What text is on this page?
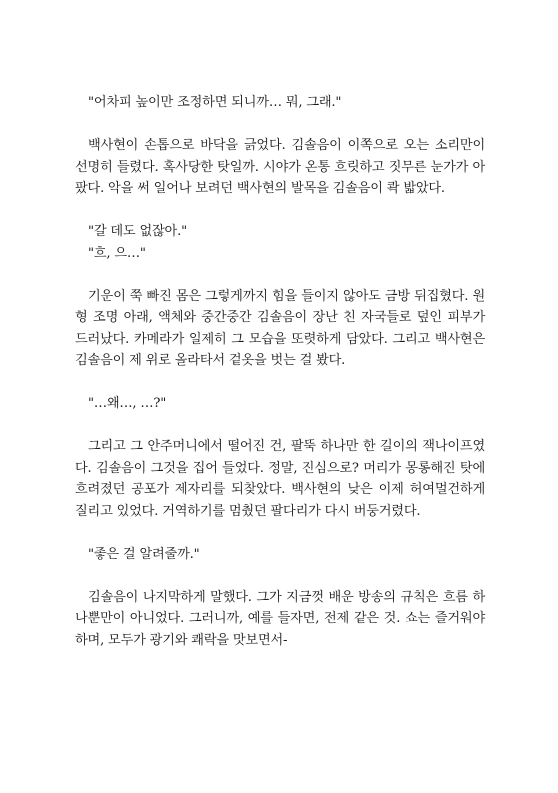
"어차피 높이만 조정하면 되니까… 뭐, 그래."

백사현이 손톱으로 바닥을 긁었다. 김솔음이 이쪽으로 오는 소리만이 선명히 들렸다. 혹사당한 탓일까. 시야가 온통 흐릿하고 짓무른 눈가가 아팠다. 악을 써 일어나 보려던 백사현의 발목을 김솔음이 콱 밟았다.

"갈 데도 없잖아."

"흐, 으…"

기운이 쭉 빠진 몸은 그렇게까지 힘을 들이지 않아도 금방 뒤집혔다. 원형 조명 아래, 액체와 중간중간 김솔음이 장난 친 자국들로 덮인 피부가 드러났다. 카메라가 일제히 그 모습을 또렷하게 담았다. 그리고 백사현은 김솔음이 제 위로 올라타서 겉옷을 벗는 걸 봤다.

"…왜…, …?"

그리고 그 안주머니에서 떨어진 건, 팔뚝 하나만 한 길이의 잭나이프였다. 김솔음이 그것을 집어 들었다. 정말, 진심으로? 머리가 몽롱해진 탓에 흐려졌던 공포가 제자리를 되찾았다. 백사현의 낮은 이제 허여멀건하게 질리고 있었다. 거역하기를 멈췄던 팔다리가 다시 버둥거렸다.

"좋은 걸 알려줄까."

김솔음이 나지막하게 말했다. 그가 지금껏 배운 방송의 규칙은 흐름 하나뿐만이 아니었다. 그러니까, 예를 들자면, 전제 같은 것. 쇼는 즐거워야 하며, 모두가 광기와 쾌락을 맛보면서-
